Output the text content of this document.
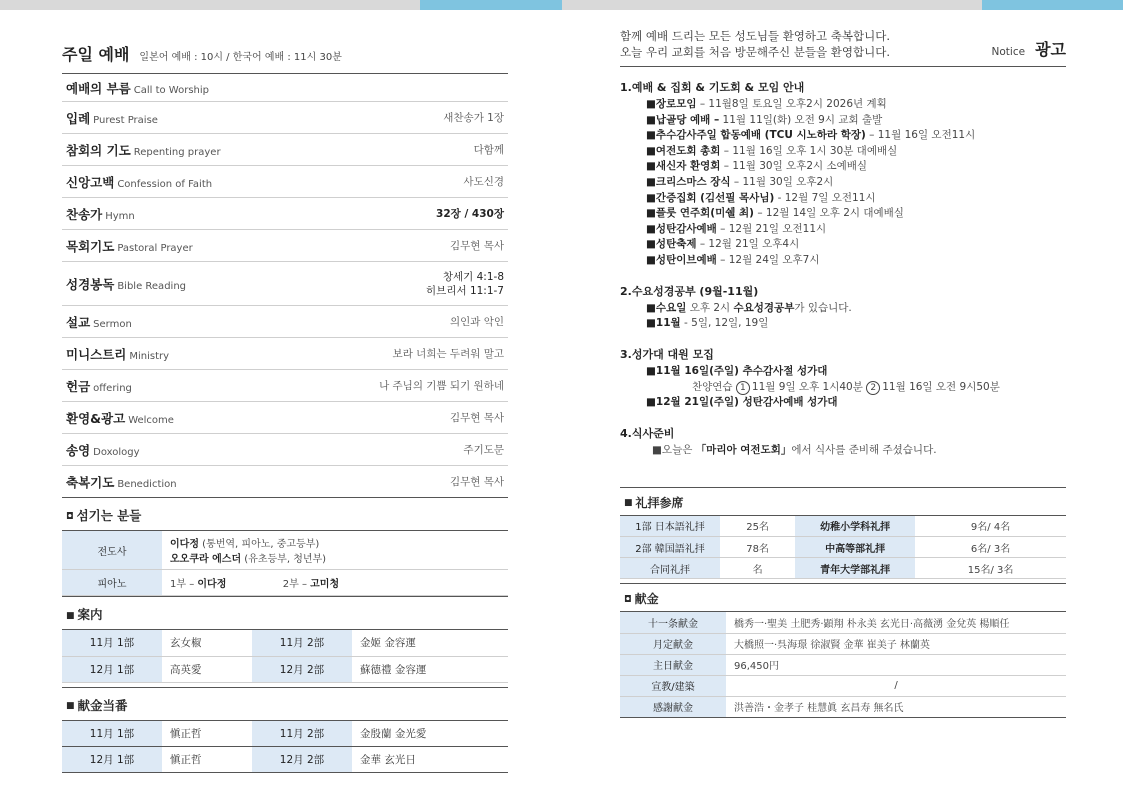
주일 예배 일본어 예배 : 10시 / 한국어 예배 : 11시 30분
예배의 부름 Call to Worship
입례 Purest Praise	새찬송가 1장
참회의 기도 Repenting prayer	다함께
신앙고백 Confession of Faith	사도신경
찬송가 Hymn	32장 / 430장
목회기도 Pastoral Prayer	김무현 목사
성경봉독 Bible Reading
창세기 4:1-8
히브리서 11:1-7
설교 Sermon	의인과 악인
미니스트리 Ministry	보라 너희는 두려워 말고
헌금 offering	나 주님의 기쁨 되기 원하네
환영&광고 Welcome	김무현 목사
송영 Doxology	주기도문
축복기도 Benediction	김무현 목사
◘ 섬기는 분들
전도사	이다정 (통번역, 피아노, 중고등부)
오오쿠라 에스더 (유초등부, 청년부)

피아노	1부 – 이다정 2부 – 고미청
■ 案内
11月 1部	玄女椒	11月 2部	金姬 金容運
12月 1部	高英愛	12月 2部	蘇德禮 金容運
■ 献金当番
11月 1部	愼正哲	11月 2部	金殷蘭 金光愛
12月 1部	愼正哲	12月 2部	金華 玄光日
함께 예배 드리는 모든 성도님들 환영하고 축복합니다.
오늘 우리 교회를 처음 방문해주신 분들을 환영합니다.	Notice 광고
1.예배 & 집회 & 기도회 & 모임 안내
■장로모임 – 11월8일 토요일 오후2시 2026년 계획
■납골당 예배 – 11월 11일(화) 오전 9시 교회 출발
■추수감사주일 합동예배 (TCU 시노하라 학장) – 11월 16일 오전11시
■여전도회 총회 – 11월 16일 오후 1시 30분 대예배실
■새신자 환영회 – 11월 30일 오후2시 소예배실
■크리스마스 장식 – 11월 30일 오후2시
■간증집회 (김선필 목사님) - 12월 7일 오전11시
■플룻 연주회(미쉘 최) – 12월 14일 오후 2시 대예배실
■성탄감사예배 – 12월 21일 오전11시
■성탄축제 – 12월 21일 오후4시
■성탄이브예배 – 12월 24일 오후7시
2.수요성경공부 (9월-11월)
■수요일 오후 2시 수요성경공부가 있습니다.
■11월 - 5일, 12일, 19일
3.성가대 대원 모집
■11월 16일(주일) 추수감사절 성가대
찬양연습 1 11월 9일 오후 1시40분 2 11월 16일 오전 9시50분
■12월 21일(주일) 성탄감사예배 성가대
4.식사준비
■오늘은 「마리아 여전도회」에서 식사를 준비해 주셨습니다.
■ 礼拝参席
1部 日本語礼拝	25名	幼稚小学科礼拝	9名/ 4名
2部 韓国語礼拝	78名	中高等部礼拝	6名/ 3名
合同礼拝	名	青年大学部礼拝	15名/ 3名
◘ 献金
十一条献金	橋秀一·聖美 土肥秀·顕翔 朴永美 玄光日·高薇湧 金兌英 楊順任
月定献金	大橋照一·呉海璟 徐淑賢 金華 崔美子 林蘭英
主日献金	96,450円
宣教/建築	/
感謝献金	洪善浩・金孝子 桂慧眞 玄昌寿 無名氏
